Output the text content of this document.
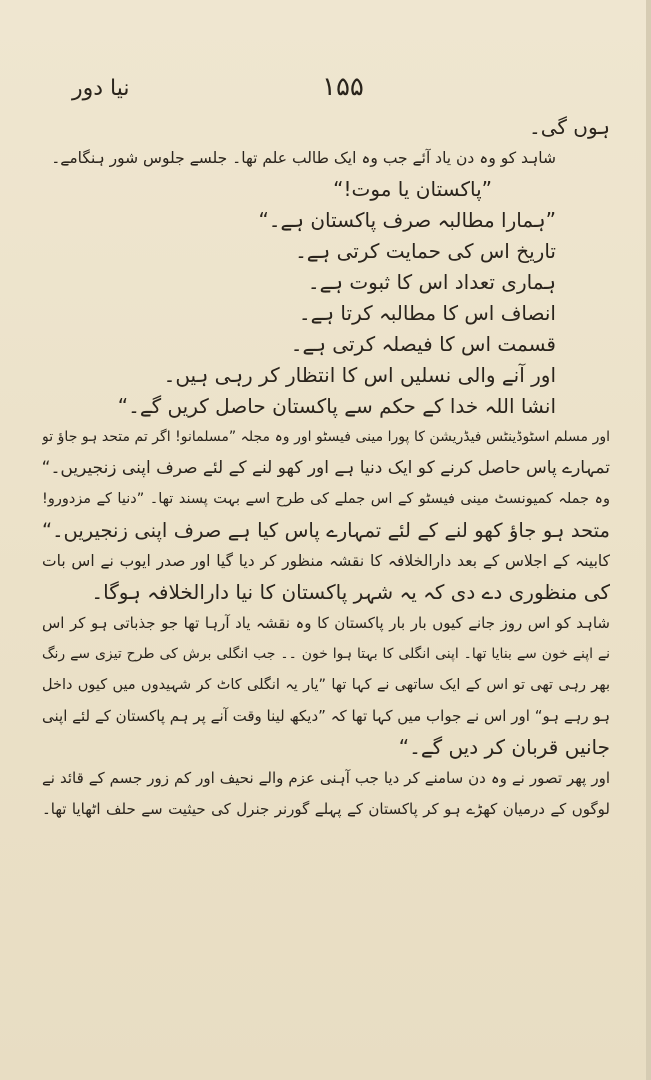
نیا دور	۱۵۵
ہوں گی۔
شاہد کو وہ دن یاد آئے جب وہ ایک طالب علم تھا۔ جلسے جلوس شور ہنگامے۔
”پاکستان یا موت!“
”ہمارا مطالبہ صرف پاکستان ہے۔“
تاریخ اس کی حمایت کرتی ہے۔
ہماری تعداد اس کا ثبوت ہے۔
انصاف اس کا مطالبہ کرتا ہے۔
قسمت اس کا فیصلہ کرتی ہے۔
اور آنے والی نسلیں اس کا انتظار کر رہی ہیں۔
انشا اللہ خدا کے حکم سے پاکستان حاصل کریں گے۔“
اور مسلم اسٹوڈینٹس فیڈریشن کا پورا مینی فیسٹو اور وہ مجلہ ”مسلمانو! اگر تم متحد ہو جاؤ تو
تمہارے پاس حاصل کرنے کو ایک دنیا ہے اور کھو لنے کے لئے صرف اپنی زنجیریں۔“
وہ جملہ کمیونسٹ مینی فیسٹو کے اس جملے کی طرح اسے بہت پسند تھا۔ ”دنیا کے مزدورو!
متحد ہو جاؤ کھو لنے کے لئے تمہارے پاس کیا ہے صرف اپنی زنجیریں۔“
کابینہ کے اجلاس کے بعد دارالخلافہ کا نقشہ منظور کر دیا گیا اور صدر ایوب نے اس بات
کی منظوری دے دی کہ یہ شہر پاکستان کا نیا دارالخلافہ ہوگا۔
شاہد کو اس روز جانے کیوں بار بار پاکستان کا وہ نقشہ یاد آرہا تھا جو جذباتی ہو کر اس
نے اپنے خون سے بنایا تھا۔ اپنی انگلی کا بہتا ہوا خون ۔۔ جب انگلی برش کی طرح تیزی سے رنگ
بھر رہی تھی تو اس کے ایک ساتھی نے کہا تھا ”یار یہ انگلی کاٹ کر شہیدوں میں کیوں داخل
ہو رہے ہو“ اور اس نے جواب میں کہا تھا کہ ”دیکھ لینا وقت آنے پر ہم پاکستان کے لئے اپنی
جانیں قربان کر دیں گے۔“
اور پھر تصور نے وہ دن سامنے کر دیا جب آہنی عزم والے نحیف اور کم زور جسم کے قائد نے
لوگوں کے درمیان کھڑے ہو کر پاکستان کے پہلے گورنر جنرل کی حیثیت سے حلف اٹھایا تھا۔
